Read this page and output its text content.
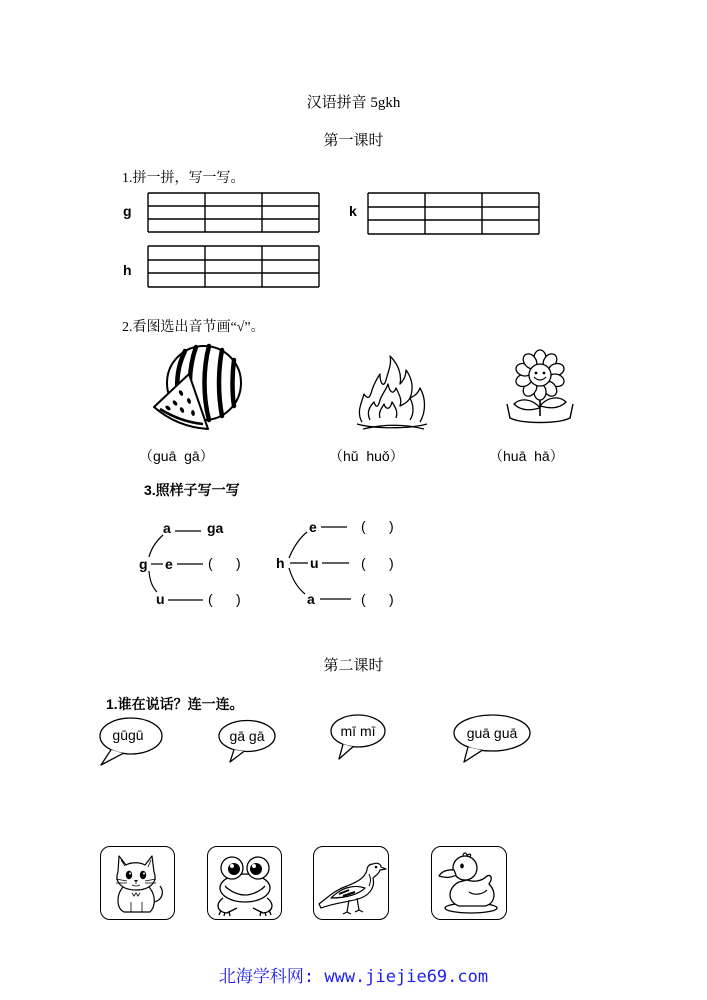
汉语拼音 5gkh
第一课时
1.拼一拼，写一写。
g	k
h
2.看图选出音节画“√”。
（guā  gā）	（hǔ  huǒ）	（huā  hā）
3.照样子写一写
a	ga
g e	(      )
u	(      )
e	(      )
h u	(      )
a	(      )
第二课时
1.谁在说话？连一连。
gūgū	gā gā	mī mī	guā guā
北海学科网: www.jiejie69.com
